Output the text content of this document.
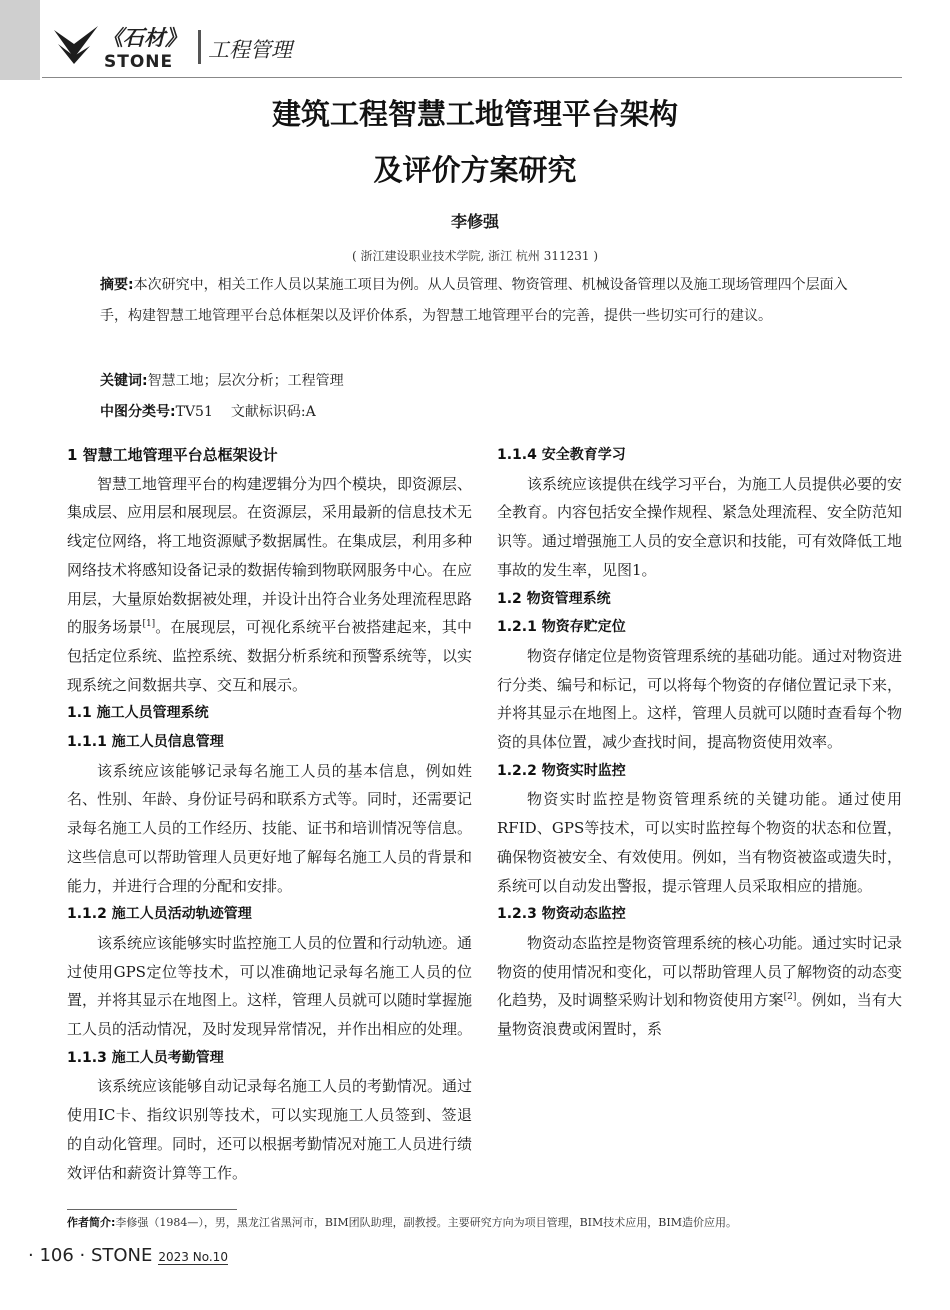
《石材》
STONE 工程管理
建筑工程智慧工地管理平台架构
及评价方案研究
李修强
( 浙江建设职业技术学院, 浙江 杭州 311231 )
摘要:本次研究中，相关工作人员以某施工项目为例。从人员管理、物资管理、机械设备管理以及施工现场管理四个层面入手，构建智慧工地管理平台总体框架以及评价体系，为智慧工地管理平台的完善，提供一些切实可行的建议。
关键词:智慧工地；层次分析；工程管理
中图分类号:TV51 文献标识码:A
1 智慧工地管理平台总框架设计

智慧工地管理平台的构建逻辑分为四个模块，即资源层、集成层、应用层和展现层。在资源层，采用最新的信息技术无线定位网络，将工地资源赋予数据属性。在集成层，利用多种网络技术将感知设备记录的数据传输到物联网服务中心。在应用层，大量原始数据被处理，并设计出符合业务处理流程思路的服务场景[1]。在展现层，可视化系统平台被搭建起来，其中包括定位系统、监控系统、数据分析系统和预警系统等，以实现系统之间数据共享、交互和展示。

1.1 施工人员管理系统
1.1.1 施工人员信息管理

该系统应该能够记录每名施工人员的基本信息，例如姓名、性别、年龄、身份证号码和联系方式等。同时，还需要记录每名施工人员的工作经历、技能、证书和培训情况等信息。这些信息可以帮助管理人员更好地了解每名施工人员的背景和能力，并进行合理的分配和安排。

1.1.2 施工人员活动轨迹管理

该系统应该能够实时监控施工人员的位置和行动轨迹。通过使用GPS定位等技术，可以准确地记录每名施工人员的位置，并将其显示在地图上。这样，管理人员就可以随时掌握施工人员的活动情况，及时发现异常情况，并作出相应的处理。

1.1.3 施工人员考勤管理

该系统应该能够自动记录每名施工人员的考勤情况。通过使用IC卡、指纹识别等技术，可以实现施工人员签到、签退的自动化管理。同时，还可以根据考勤情况对施工人员进行绩效评估和薪资计算等工作。

1.1.4 安全教育学习

该系统应该提供在线学习平台，为施工人员提供必要的安全教育。内容包括安全操作规程、紧急处理流程、安全防范知识等。通过增强施工人员的安全意识和技能，可有效降低工地事故的发生率，见图1。

1.2 物资管理系统
1.2.1 物资存贮定位

物资存储定位是物资管理系统的基础功能。通过对物资进行分类、编号和标记，可以将每个物资的存储位置记录下来，并将其显示在地图上。这样，管理人员就可以随时查看每个物资的具体位置，减少查找时间，提高物资使用效率。

1.2.2 物资实时监控

物资实时监控是物资管理系统的关键功能。通过使用RFID、GPS等技术，可以实时监控每个物资的状态和位置，确保物资被安全、有效使用。例如，当有物资被盗或遗失时，系统可以自动发出警报，提示管理人员采取相应的措施。

1.2.3 物资动态监控

物资动态监控是物资管理系统的核心功能。通过实时记录物资的使用情况和变化，可以帮助管理人员了解物资的动态变化趋势，及时调整采购计划和物资使用方案[2]。例如，当有大量物资浪费或闲置时，系

作者简介:李修强（1984—），男，黑龙江省黑河市，BIM团队助理，副教授。主要研究方向为项目管理，BIM技术应用，BIM造价应用。
· 106 · STONE 2023 No.10
